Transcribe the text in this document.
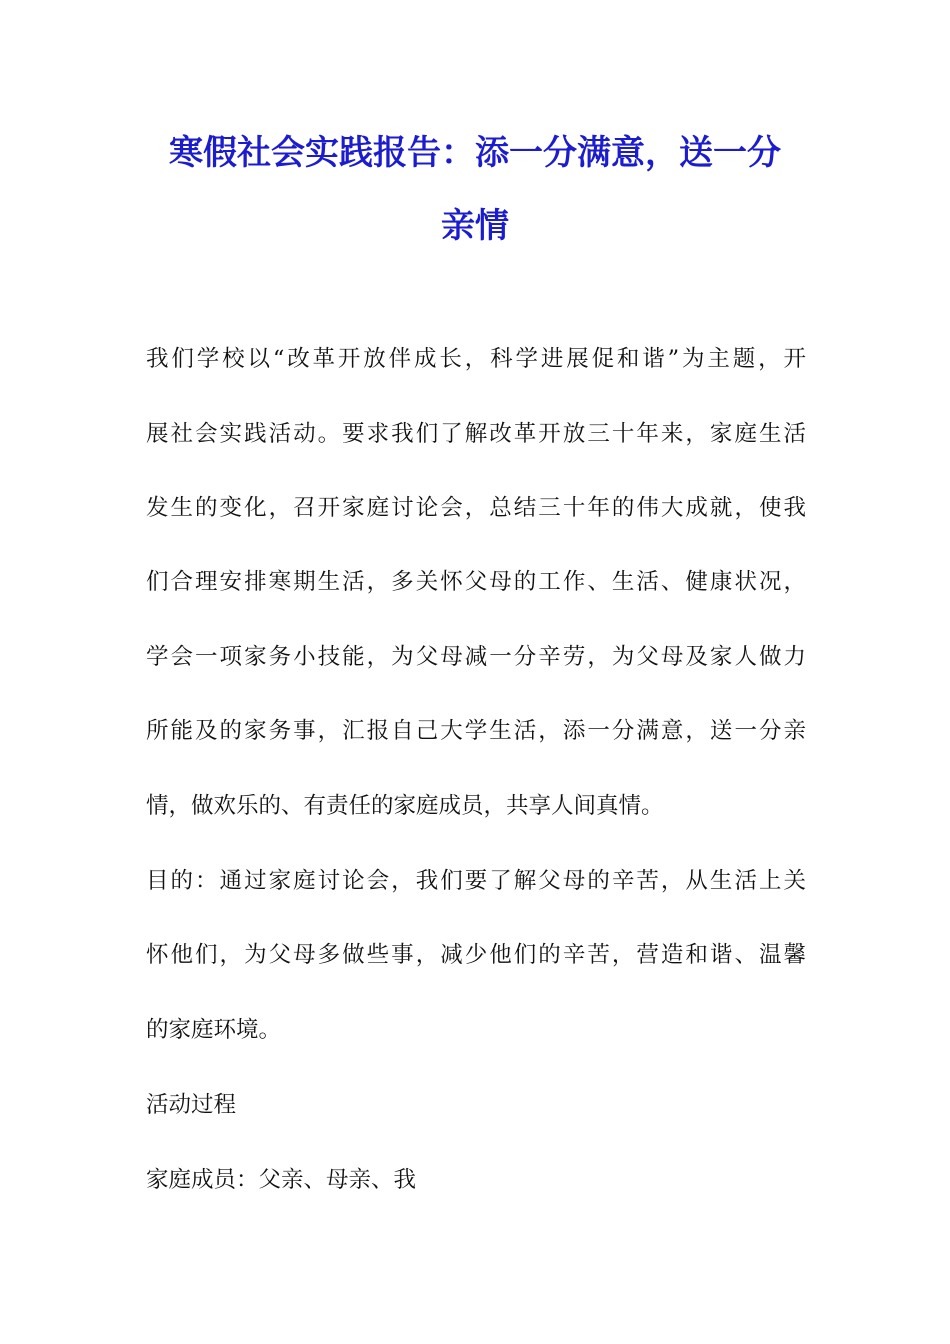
寒假社会实践报告：添一分满意，送一分
亲情
我们学校以“改革开放伴成长，科学进展促和谐”为主题，开
展社会实践活动。要求我们了解改革开放三十年来，家庭生活
发生的变化，召开家庭讨论会，总结三十年的伟大成就，使我
们合理安排寒期生活，多关怀父母的工作、生活、健康状况，
学会一项家务小技能，为父母减一分辛劳，为父母及家人做力
所能及的家务事，汇报自己大学生活，添一分满意，送一分亲
情，做欢乐的、有责任的家庭成员，共享人间真情。
目的：通过家庭讨论会，我们要了解父母的辛苦，从生活上关
怀他们，为父母多做些事，减少他们的辛苦，营造和谐、温馨
的家庭环境。
活动过程
家庭成员：父亲、母亲、我
